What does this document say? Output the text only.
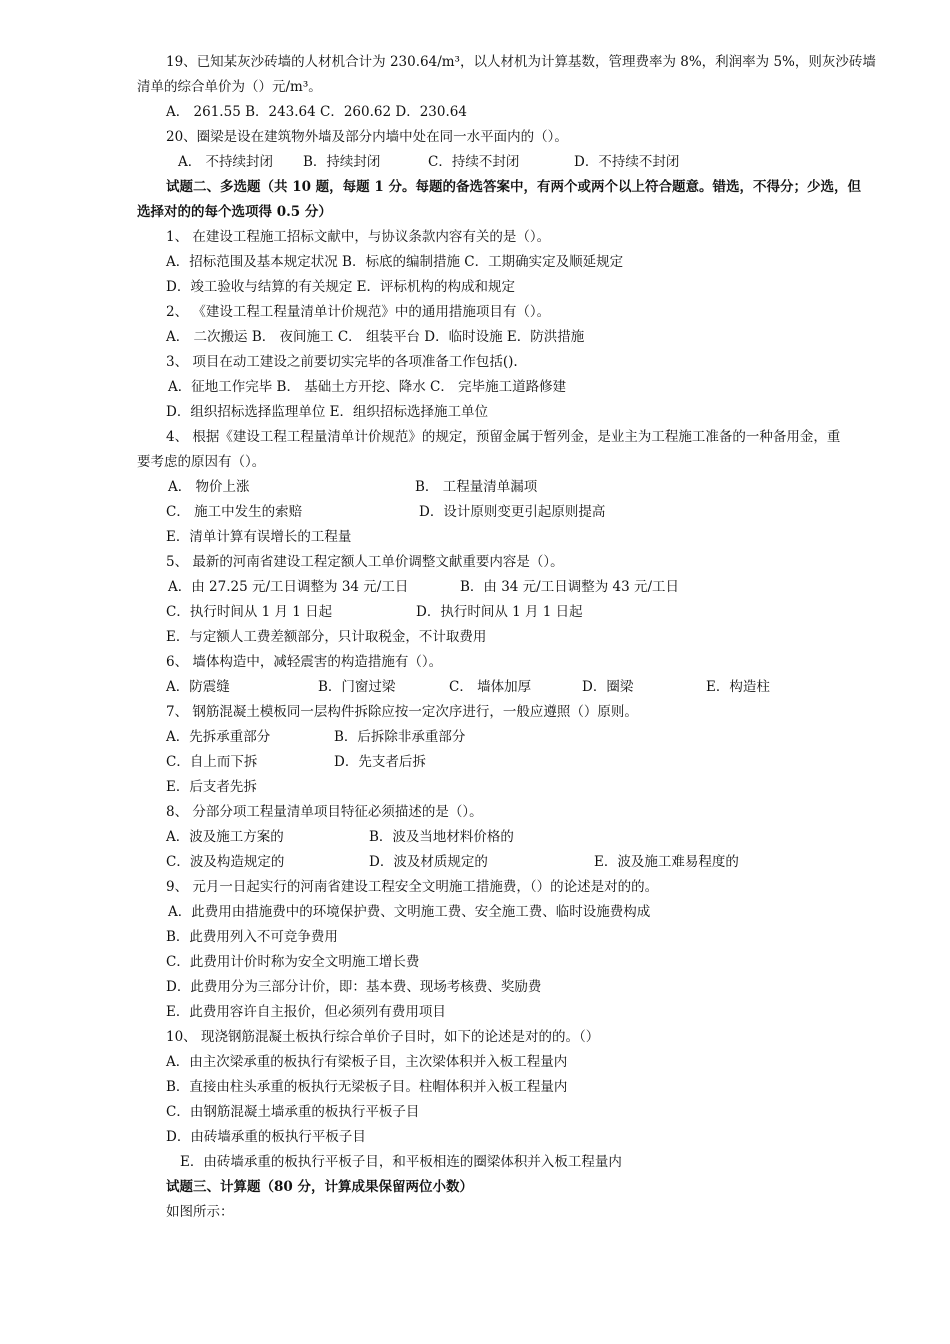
19、已知某灰沙砖墙的人材机合计为 230.64/m³，以人材机为计算基数，管理费率为 8%，利润率为 5%，则灰沙砖墙
清单的综合单价为（）元/m³。
A． 261.55 B．243.64 C．260.62 D．230.64
20、圈梁是设在建筑物外墙及部分内墙中处在同一水平面内的（）。
A． 不持续封闭 B．持续封闭	C．持续不封闭	D．不持续不封闭
试题二、多选题（共 10 题，每题 1 分。每题的备选答案中，有两个或两个以上符合题意。错选，不得分；少选，但
选择对的的每个选项得 0.5 分）
1、 在建设工程施工招标文献中，与协议条款内容有关的是（）。
A．招标范围及基本规定状况 B．标底的编制措施 C．工期确实定及顺延规定
D．竣工验收与结算的有关规定 E．评标机构的构成和规定
2、 《建设工程工程量清单计价规范》中的通用措施项目有（）。
A． 二次搬运 B． 夜间施工 C． 组装平台 D．临时设施 E．防洪措施
3、 项目在动工建设之前要切实完毕的各项准备工作包括().
A．征地工作完毕 B． 基础土方开挖、降水 C． 完毕施工道路修建
D．组织招标选择监理单位 E．组织招标选择施工单位
4、 根据《建设工程工程量清单计价规范》的规定，预留金属于暂列金，是业主为工程施工准备的一种备用金，重
要考虑的原因有（）。
A． 物价上涨	B． 工程量清单漏项
C． 施工中发生的索赔	D．设计原则变更引起原则提高
E．清单计算有误增长的工程量
5、 最新的河南省建设工程定额人工单价调整文献重要内容是（）。
A．由 27.25 元/工日调整为 34 元/工日	B．由 34 元/工日调整为 43 元/工日
C．执行时间从 1 月 1 日起	D．执行时间从 1 月 1 日起
E．与定额人工费差额部分，只计取税金，不计取费用
6、 墙体构造中，减轻震害的构造措施有（）。
A．防震缝	B．门窗过梁	C． 墙体加厚	D．圈梁	E．构造柱
7、 钢筋混凝土模板同一层构件拆除应按一定次序进行，一般应遵照（）原则。
A．先拆承重部分	B．后拆除非承重部分
C．自上而下拆	D．先支者后拆
E．后支者先拆
8、 分部分项工程量清单项目特征必须描述的是（）。
A．波及施工方案的	B．波及当地材料价格的
C．波及构造规定的	D．波及材质规定的	E．波及施工难易程度的
9、 元月一日起实行的河南省建设工程安全文明施工措施费，（）的论述是对的的。
A．此费用由措施费中的环境保护费、文明施工费、安全施工费、临时设施费构成
B．此费用列入不可竞争费用
C．此费用计价时称为安全文明施工增长费
D．此费用分为三部分计价，即：基本费、现场考核费、奖励费
E．此费用容许自主报价，但必须列有费用项目
10、 现浇钢筋混凝土板执行综合单价子目时，如下的论述是对的的。（）
A．由主次梁承重的板执行有梁板子目，主次梁体积并入板工程量内
B．直接由柱头承重的板执行无梁板子目。柱帽体积并入板工程量内
C．由钢筋混凝土墙承重的板执行平板子目
D．由砖墙承重的板执行平板子目
E．由砖墙承重的板执行平板子目，和平板相连的圈梁体积并入板工程量内
试题三、计算题（80 分，计算成果保留两位小数）
如图所示：
